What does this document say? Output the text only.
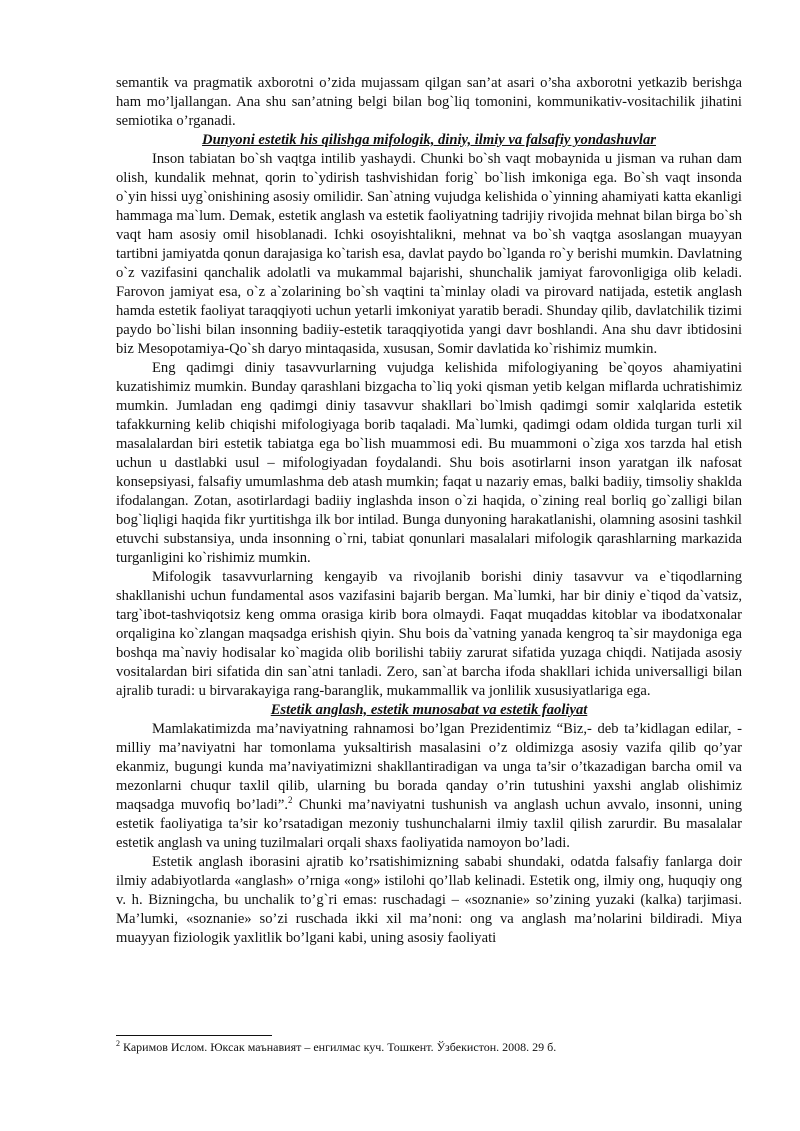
semantik va pragmatik axborotni o’zida mujassam qilgan san’at asari o’sha axborotni yetkazib berishga ham mo’ljallangan. Ana shu san’atning belgi bilan bog`liq tomonini, kommunikativ-vositachilik jihatini semiotika o’rganadi.

Dunyoni estetik his qilishga mifologik, diniy, ilmiy va falsafiy yondashuvlar

Inson tabiatan bo`sh vaqtga intilib yashaydi. Chunki bo`sh vaqt mobaynida u jisman va ruhan dam olish, kundalik mehnat, qorin to`ydirish tashvishidan forig` bo`lish imkoniga ega. Bo`sh vaqt insonda o`yin hissi uyg`onishining asosiy omilidir. San`atning vujudga kelishida o`yinning ahamiyati katta ekanligi hammaga ma`lum. Demak, estetik anglash va estetik faoliyatning tadrijiy rivojida mehnat bilan birga bo`sh vaqt ham asosiy omil hisoblanadi. Ichki osoyishtalikni, mehnat va bo`sh vaqtga asoslangan muayyan tartibni jamiyatda qonun darajasiga ko`tarish esa, davlat paydo bo`lganda ro`y berishi mumkin. Davlatning o`z vazifasini qanchalik adolatli va mukammal bajarishi, shunchalik jamiyat farovonligiga olib keladi. Farovon jamiyat esa, o`z a`zolarining bo`sh vaqtini ta`minlay oladi va pirovard natijada, estetik anglash hamda estetik faoliyat taraqqiyoti uchun yetarli imkoniyat yaratib beradi. Shunday qilib, davlatchilik tizimi paydo bo`lishi bilan insonning badiiy-estetik taraqqiyotida yangi davr boshlandi. Ana shu davr ibtidosini biz Mesopotamiya-Qo`sh daryo mintaqasida, xususan, Somir davlatida ko`rishimiz mumkin.

Eng qadimgi diniy tasavvurlarning vujudga kelishida mifologiyaning be`qoyos ahamiyatini kuzatishimiz mumkin. Bunday qarashlani bizgacha to`liq yoki qisman yetib kelgan miflarda uchratishimiz mumkin. Jumladan eng qadimgi diniy tasavvur shakllari bo`lmish qadimgi somir xalqlarida estetik tafakkurning kelib chiqishi mifologiyaga borib taqaladi. Ma`lumki, qadimgi odam oldida turgan turli xil masalalardan biri estetik tabiatga ega bo`lish muammosi edi. Bu muammoni o`ziga xos tarzda hal etish uchun u dastlabki usul – mifologiyadan foydalandi. Shu bois asotirlarni inson yaratgan ilk nafosat konsepsiyasi, falsafiy umumlashma deb atash mumkin; faqat u nazariy emas, balki badiiy, timsoliy shaklda ifodalangan. Zotan, asotirlardagi badiiy inglashda inson o`zi haqida, o`zining real borliq go`zalligi bilan bog`liqligi haqida fikr yurtitishga ilk bor intilad. Bunga dunyoning harakatlanishi, olamning asosini tashkil etuvchi substansiya, unda insonning o`rni, tabiat qonunlari masalalari mifologik qarashlarning markazida turganligini ko`rishimiz mumkin.

Mifologik tasavvurlarning kengayib va rivojlanib borishi diniy tasavvur va e`tiqodlarning shakllanishi uchun fundamental asos vazifasini bajarib bergan. Ma`lumki, har bir diniy e`tiqod da`vatsiz, targ`ibot-tashviqotsiz keng omma orasiga kirib bora olmaydi. Faqat muqaddas kitoblar va ibodatxonalar orqaligina ko`zlangan maqsadga erishish qiyin. Shu bois da`vatning yanada kengroq ta`sir maydoniga ega boshqa ma`naviy hodisalar ko`magida olib borilishi tabiiy zarurat sifatida yuzaga chiqdi. Natijada asosiy vositalardan biri sifatida din san`atni tanladi. Zero, san`at barcha ifoda shakllari ichida universalligi bilan ajralib turadi: u birvarakayiga rang-baranglik, mukammallik va jonlilik xususiyatlariga ega.

Estetik anglash, estetik munosabat va estetik faoliyat

Mamlakatimizda ma’naviyatning rahnamosi bo’lgan Prezidentimiz “Biz,- deb ta’kidlagan edilar, - milliy ma’naviyatni har tomonlama yuksaltirish masalasini o’z oldimizga asosiy vazifa qilib qo’yar ekanmiz, bugungi kunda ma’naviyatimizni shakllantiradigan va unga ta’sir o’tkazadigan barcha omil va mezonlarni chuqur taxlil qilib, ularning bu borada qanday o’rin tutushini yaxshi anglab olishimiz maqsadga muvofiq bo’ladi”.$^2$ Chunki ma’naviyatni tushunish va anglash uchun avvalo, insonni, uning estetik faoliyatiga ta’sir ko’rsatadigan mezoniy tushunchalarni ilmiy taxlil qilish zarurdir. Bu masalalar estetik anglash va uning tuzilmalari orqali shaxs faoliyatida namoyon bo’ladi.

Estetik anglash iborasini ajratib ko’rsatishimizning sababi shundaki, odatda falsafiy fanlarga doir ilmiy adabiyotlarda «anglash» o’rniga «ong» istilohi qo’llab kelinadi. Estetik ong, ilmiy ong, huquqiy ong v. h. Bizningcha, bu unchalik to’g`ri emas: ruschadagi – «soznanie» so’zining yuzaki (kalka) tarjimasi. Ma’lumki, «soznanie» so’zi ruschada ikki xil ma’noni: ong va anglash ma’nolarini bildiradi. Miya muayyan fiziologik yaxlitlik bo’lgani kabi, uning asosiy faoliyati

$^2$ Каримов Ислом. Юксак маънавият – енгилмас куч. Тошкент. Ўзбекистон. 2008. 29 б.
